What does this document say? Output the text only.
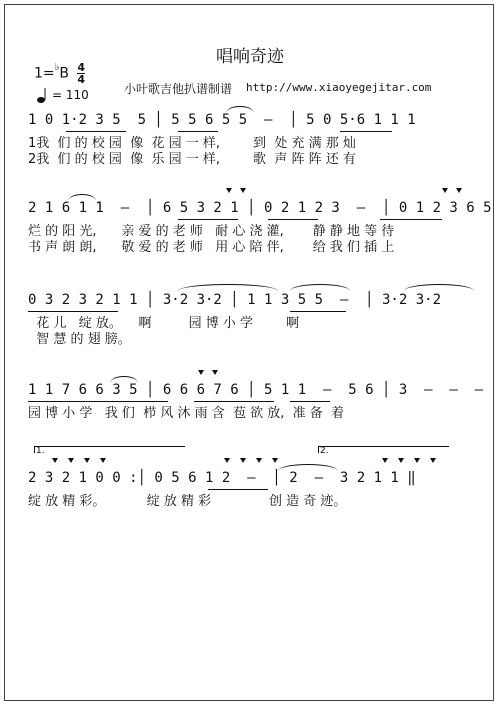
唱响奇迹
$1=^♭B \frac{4}{4}$
= 110	小叶歌吉他扒谱制谱 http://www.xiaoyegejitar.com
1 0 1·2 3 5  5 │ 5 5 6 5 5  —  │ 5 0 5·6 1 1 1
1我  们 的 校 园  像  花 园 一 样,        到  处 充 满 那 灿
2我  们 的 校 园  像  乐 园 一 样,        歌  声 阵 阵 还 有
2 1 6 1 1  —  │ 6 5 3 2 1 │ 0 2 1 2 3  —  │ 0 1 2 3 6 5
烂 的 阳 光,      亲 爱 的 老 师   耐 心 浇 灌,       静 静 地 等 待
书 声 朗 朗,      敬 爱 的 老 师   用 心 陪 伴,       给 我 们 插 上
0 3 2 3 2 1 1 │ 3·2 3·2 │ 1 1 3 5 5  —  │ 3·2 3·2
花 儿   绽 放。    啊         园 博 小 学        啊
智 慧 的 翅 膀。
1 1 7 6 6 3 5 │ 6 6 6 7 6 │ 5 1 1  —  5 6 │ 3  —  —  —
园 博 小 学   我 们  栉 风 沐 雨 含  苞 欲 放,  准 备  着
1.	2.
2 3 2 1 0 0 :│ 0 5 6 1 2  —  │ 2  —  3 2 1 1 ‖
绽 放 精 彩。          绽 放 精 彩              创 造 奇 迹。
